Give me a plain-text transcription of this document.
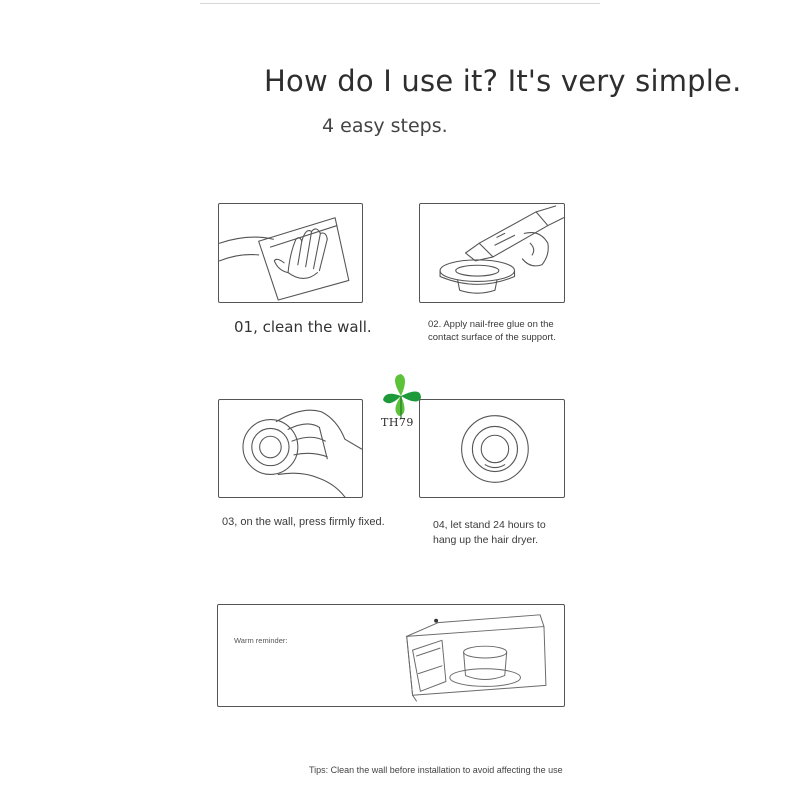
How do I use it? It's very simple.
4 easy steps.
01, clean the wall.	02. Apply nail-free glue on the contact surface of the support.
TH79
03, on the wall, press firmly fixed.	04, let stand 24 hours to hang up the hair dryer.
Warm reminder:
Tips: Clean the wall before installation to avoid affecting the use
